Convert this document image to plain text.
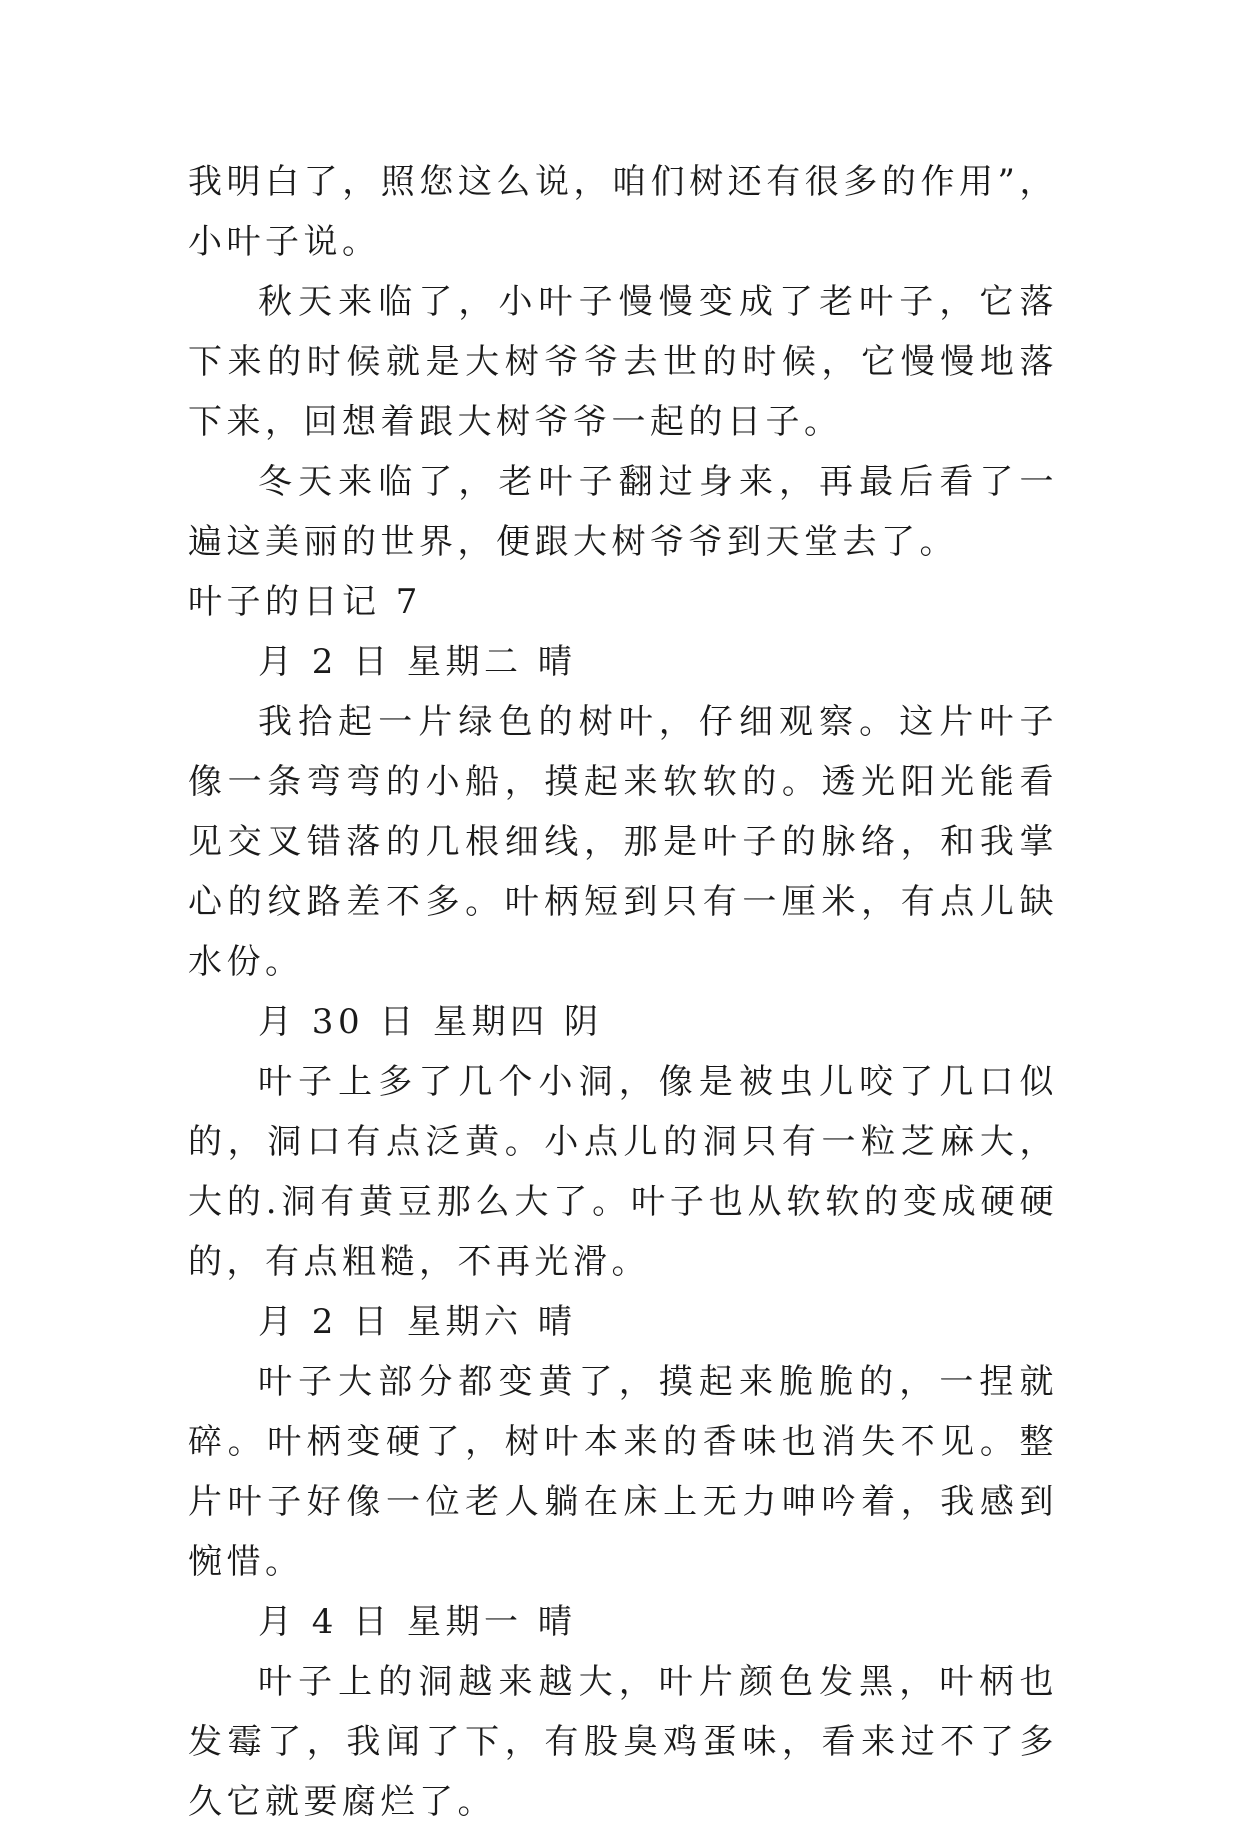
我明白了，照您这么说，咱们树还有很多的作用”，小叶子说。

秋天来临了，小叶子慢慢变成了老叶子，它落下来的时候就是大树爷爷去世的时候，它慢慢地落下来，回想着跟大树爷爷一起的日子。

冬天来临了，老叶子翻过身来，再最后看了一遍这美丽的世界，便跟大树爷爷到天堂去了。

叶子的日记 7

月 2 日 星期二 晴

我拾起一片绿色的树叶，仔细观察。这片叶子像一条弯弯的小船，摸起来软软的。透光阳光能看见交叉错落的几根细线，那是叶子的脉络，和我掌心的纹路差不多。叶柄短到只有一厘米，有点儿缺水份。

月 30 日 星期四 阴

叶子上多了几个小洞，像是被虫儿咬了几口似的，洞口有点泛黄。小点儿的洞只有一粒芝麻大，大的.洞有黄豆那么大了。叶子也从软软的变成硬硬的，有点粗糙，不再光滑。

月 2 日 星期六 晴

叶子大部分都变黄了，摸起来脆脆的，一捏就碎。叶柄变硬了，树叶本来的香味也消失不见。整片叶子好像一位老人躺在床上无力呻吟着，我感到惋惜。

月 4 日 星期一 晴

叶子上的洞越来越大，叶片颜色发黑，叶柄也发霉了，我闻了下，有股臭鸡蛋味，看来过不了多久它就要腐烂了。
